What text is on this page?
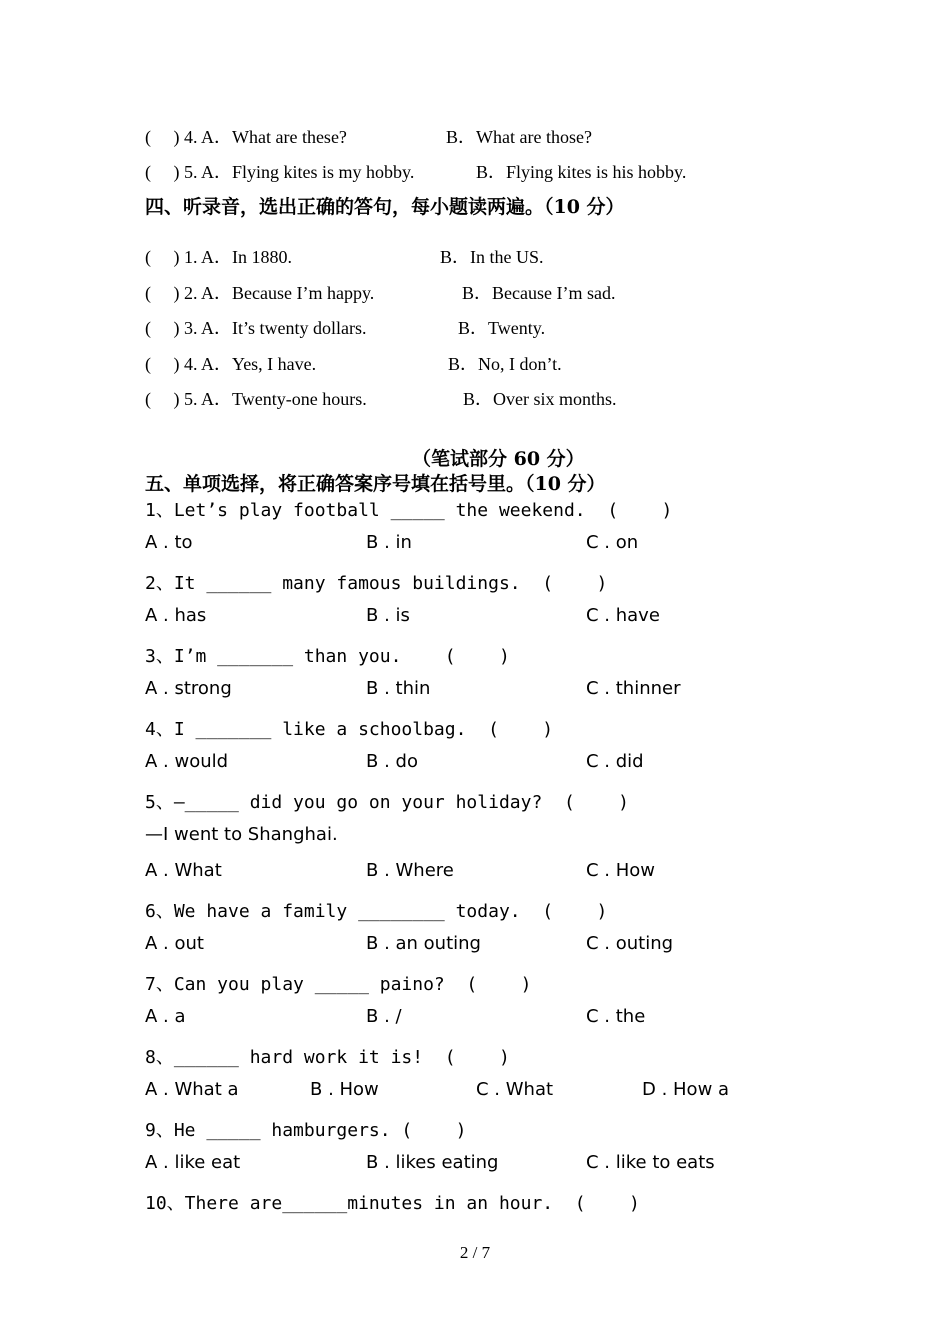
(     ) 4. A．What are these?	B．What are those?
(     ) 5. A．Flying kites is my hobby.	B．Flying kites is his hobby.
四、听录音，选出正确的答句，每小题读两遍。（10 分）
(     ) 1. A．In 1880.	B．In the US.
(     ) 2. A．Because I’m happy.	B．Because I’m sad.
(     ) 3. A．It’s twenty dollars.	B．Twenty.
(     ) 4. A．Yes, I have.	B．No, I don’t.
(     ) 5. A．Twenty-one hours.	B．Over six months.
（笔试部分 60 分）
五、单项选择，将正确答案序号填在括号里。（10 分）
1、Let’s play football _____ the weekend.  (    )
A . to	B . in	C . on
2、It ______ many famous buildings.  (    )
A . has	B . is	C . have
3、I’m _______ than you.    (    )
A . strong	B . thin	C . thinner
4、I _______ like a schoolbag.  (    )
A . would	B . do	C . did
5、—_____ did you go on your holiday?  (    )
—I went to Shanghai.
A . What	B . Where	C . How
6、We have a family ________ today.  (    )
A . out	B . an outing	C . outing
7、Can you play _____ paino?  (    )
A . a	B . /	C . the
8、______ hard work it is!  (    )
A . What a	B . How	C . What	D . How a
9、He _____ hamburgers. (    )
A . like eat	B . likes eating	C . like to eats
10、There are______minutes in an hour.  (    )
2 / 7
